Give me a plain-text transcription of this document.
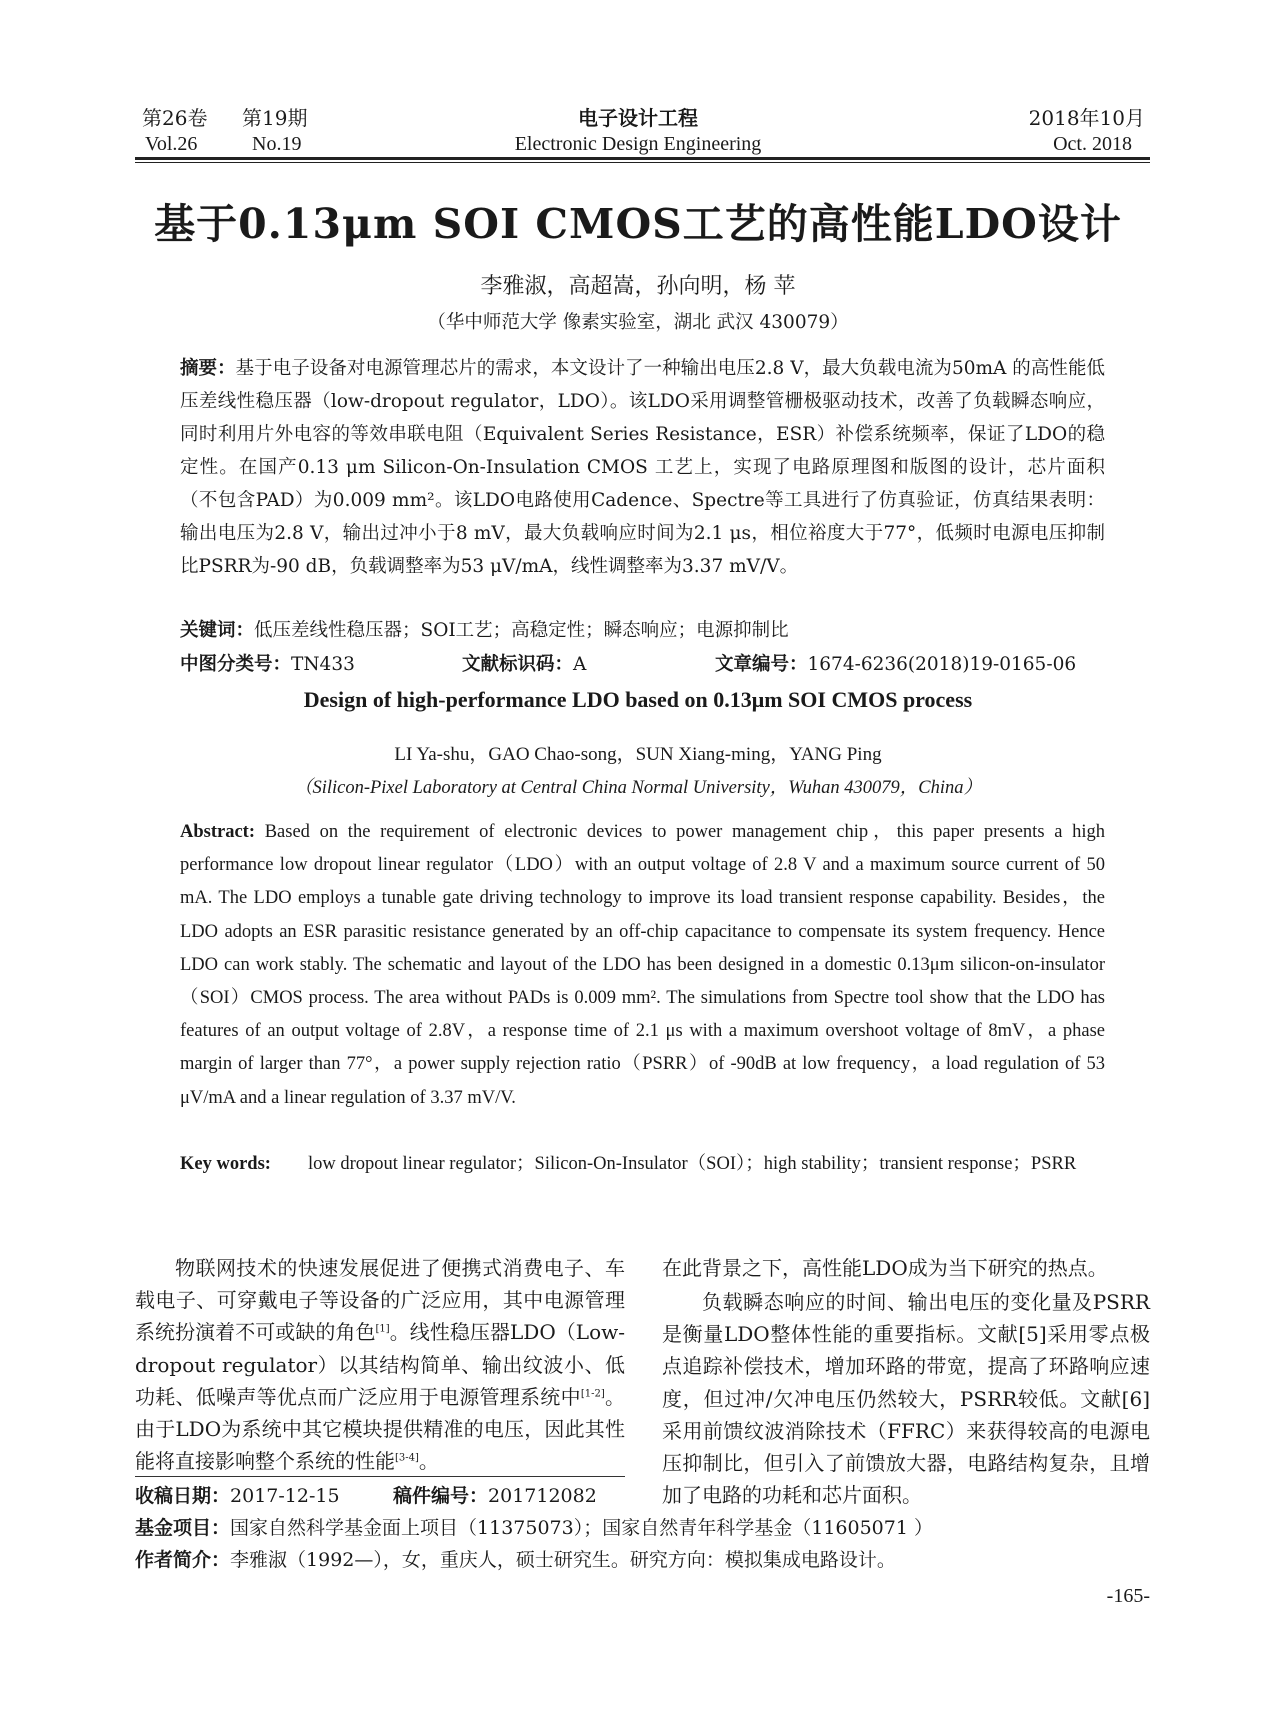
第26卷 第19期
Vol.26	No.19
电子设计工程
Electronic Design Engineering
2018年10月
Oct. 2018
基于0.13μm SOI CMOS工艺的高性能LDO设计
李雅淑，高超嵩，孙向明，杨 苹
（华中师范大学 像素实验室，湖北 武汉 430079）
摘要：基于电子设备对电源管理芯片的需求，本文设计了一种输出电压2.8 V，最大负载电流为50mA 的高性能低压差线性稳压器（low-dropout regulator，LDO）。该LDO采用调整管栅极驱动技术，改善了负载瞬态响应，同时利用片外电容的等效串联电阻（Equivalent Series Resistance，ESR）补偿系统频率，保证了LDO的稳定性。在国产0.13 μm Silicon-On-Insulation CMOS 工艺上，实现了电路原理图和版图的设计，芯片面积（不包含PAD）为0.009 mm²。该LDO电路使用Cadence、Spectre等工具进行了仿真验证，仿真结果表明：输出电压为2.8 V，输出过冲小于8 mV，最大负载响应时间为2.1 μs，相位裕度大于77°，低频时电源电压抑制比PSRR为-90 dB，负载调整率为53 μV/mA，线性调整率为3.37 mV/V。
关键词：低压差线性稳压器；SOI工艺；高稳定性；瞬态响应；电源抑制比
中图分类号：TN433	文献标识码：A	文章编号：1674-6236(2018)19-0165-06
Design of high-performance LDO based on 0.13μm SOI CMOS process
LI Ya-shu，GAO Chao-song，SUN Xiang-ming，YANG Ping
（Silicon-Pixel Laboratory at Central China Normal University，Wuhan 430079，China）
Abstract: Based on the requirement of electronic devices to power management chip，this paper presents a high performance low dropout linear regulator（LDO）with an output voltage of 2.8 V and a maximum source current of 50 mA. The LDO employs a tunable gate driving technology to improve its load transient response capability. Besides，the LDO adopts an ESR parasitic resistance generated by an off-chip capacitance to compensate its system frequency. Hence LDO can work stably. The schematic and layout of the LDO has been designed in a domestic 0.13μm silicon-on-insulator（SOI）CMOS process. The area without PADs is 0.009 mm². The simulations from Spectre tool show that the LDO has features of an output voltage of 2.8V，a response time of 2.1 μs with a maximum overshoot voltage of 8mV，a phase margin of larger than 77°，a power supply rejection ratio（PSRR）of -90dB at low frequency，a load regulation of 53 μV/mA and a linear regulation of 3.37 mV/V.
Key words:	low dropout linear regulator；Silicon-On-Insulator（SOI）；high stability；transient response；PSRR
物联网技术的快速发展促进了便携式消费电子、车载电子、可穿戴电子等设备的广泛应用，其中电源管理系统扮演着不可或缺的角色[1]。线性稳压器LDO（Low-dropout regulator）以其结构简单、输出纹波小、低功耗、低噪声等优点而广泛应用于电源管理系统中[1-2]。由于LDO为系统中其它模块提供精准的电压，因此其性能将直接影响整个系统的性能[3-4]。
在此背景之下，高性能LDO成为当下研究的热点。
负载瞬态响应的时间、输出电压的变化量及PSRR是衡量LDO整体性能的重要指标。文献[5]采用零点极点追踪补偿技术，增加环路的带宽，提高了环路响应速度，但过冲/欠冲电压仍然较大，PSRR较低。文献[6]采用前馈纹波消除技术（FFRC）来获得较高的电源电压抑制比，但引入了前馈放大器，电路结构复杂，且增加了电路的功耗和芯片面积。
收稿日期：2017-12-15	稿件编号：201712082
基金项目：国家自然科学基金面上项目（11375073）；国家自然青年科学基金（11605071 ）
作者简介：李雅淑（1992—），女，重庆人，硕士研究生。研究方向：模拟集成电路设计。
-165-
